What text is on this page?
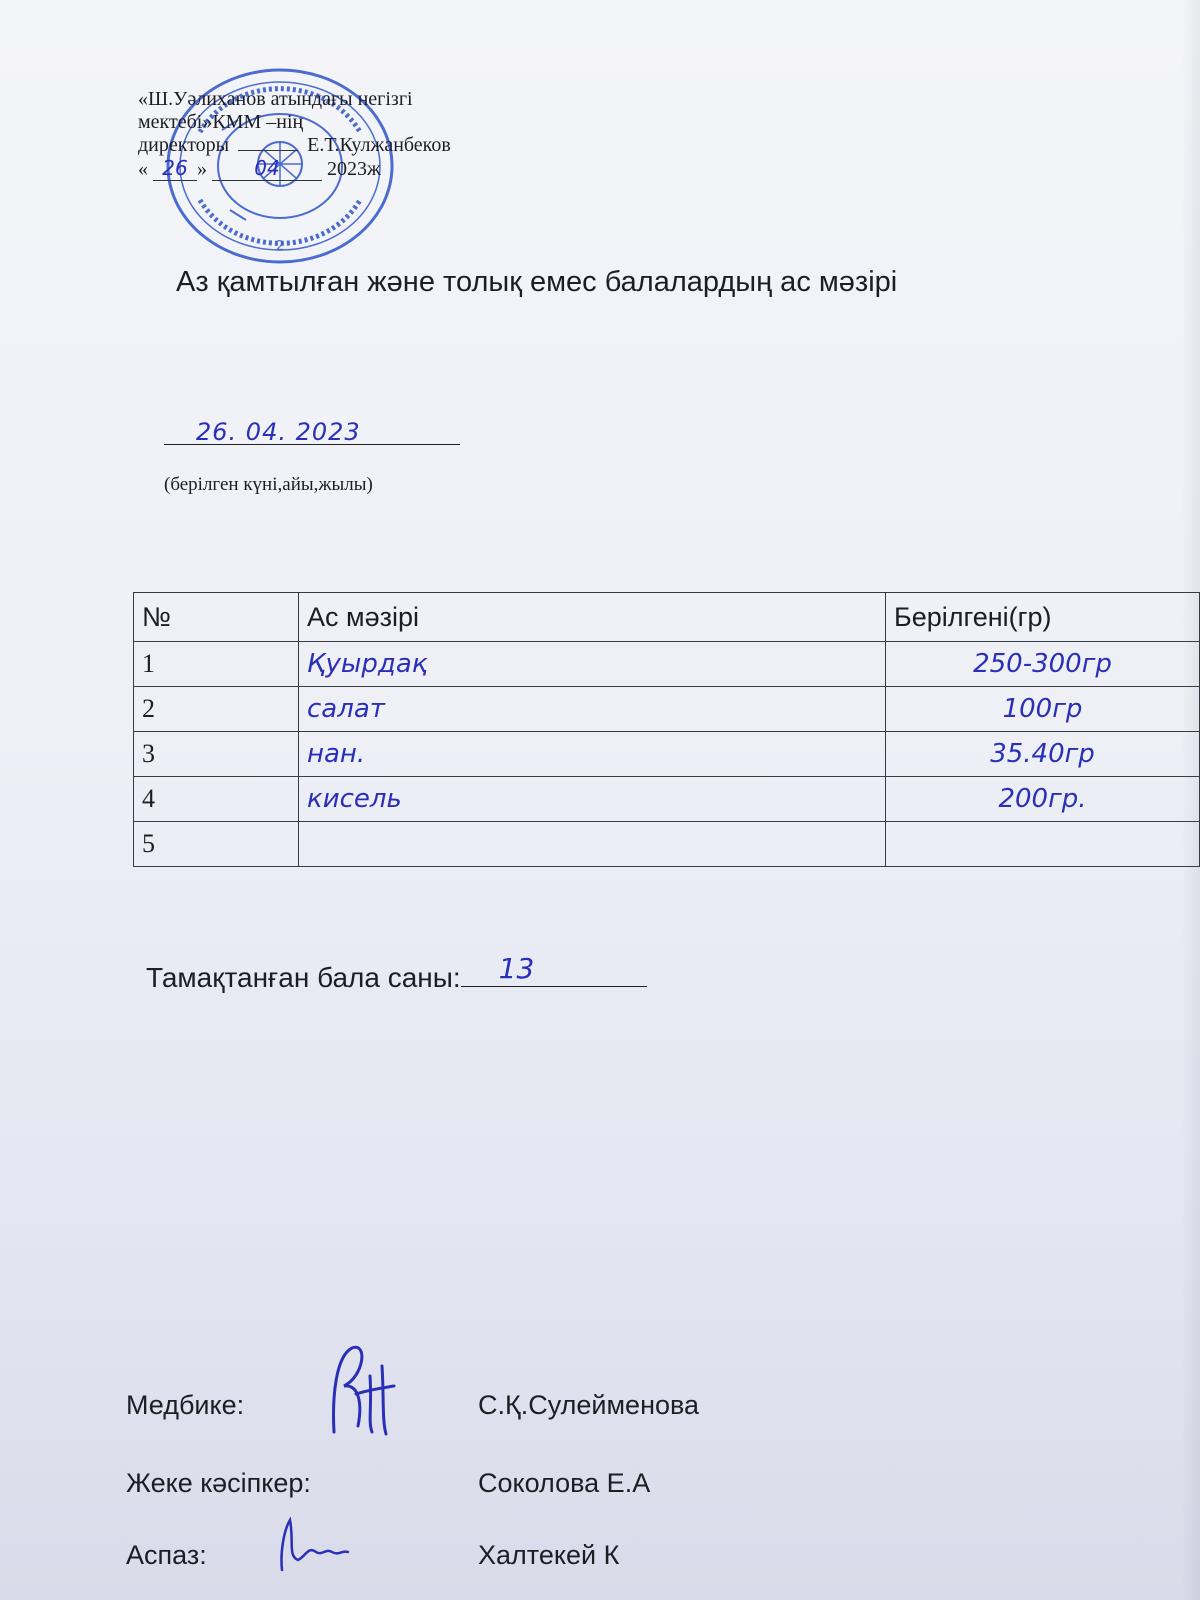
2
«Ш.Уәлиханов атындағы негізгі
мектебі»КММ –нің
директоры	Е.Т.Кулжанбеков
« 26 » 04 2023ж
Аз қамтылған және толық емес балалардың ас мәзірі
26. 04. 2023
(берілген күні,айы,жылы)
№	Ас мәзірі	Берілгені(гр)
1	Қуырдақ	250-300гр

2	салат	100гр

3	нан.	35.40гр

4	кисель	200гр.

5		
Тамақтанған бала саны: 13
Медбике:	С.Қ.Сулейменова
Жеке кәсіпкер:	Соколова Е.А
Аспаз:	Халтекей К
